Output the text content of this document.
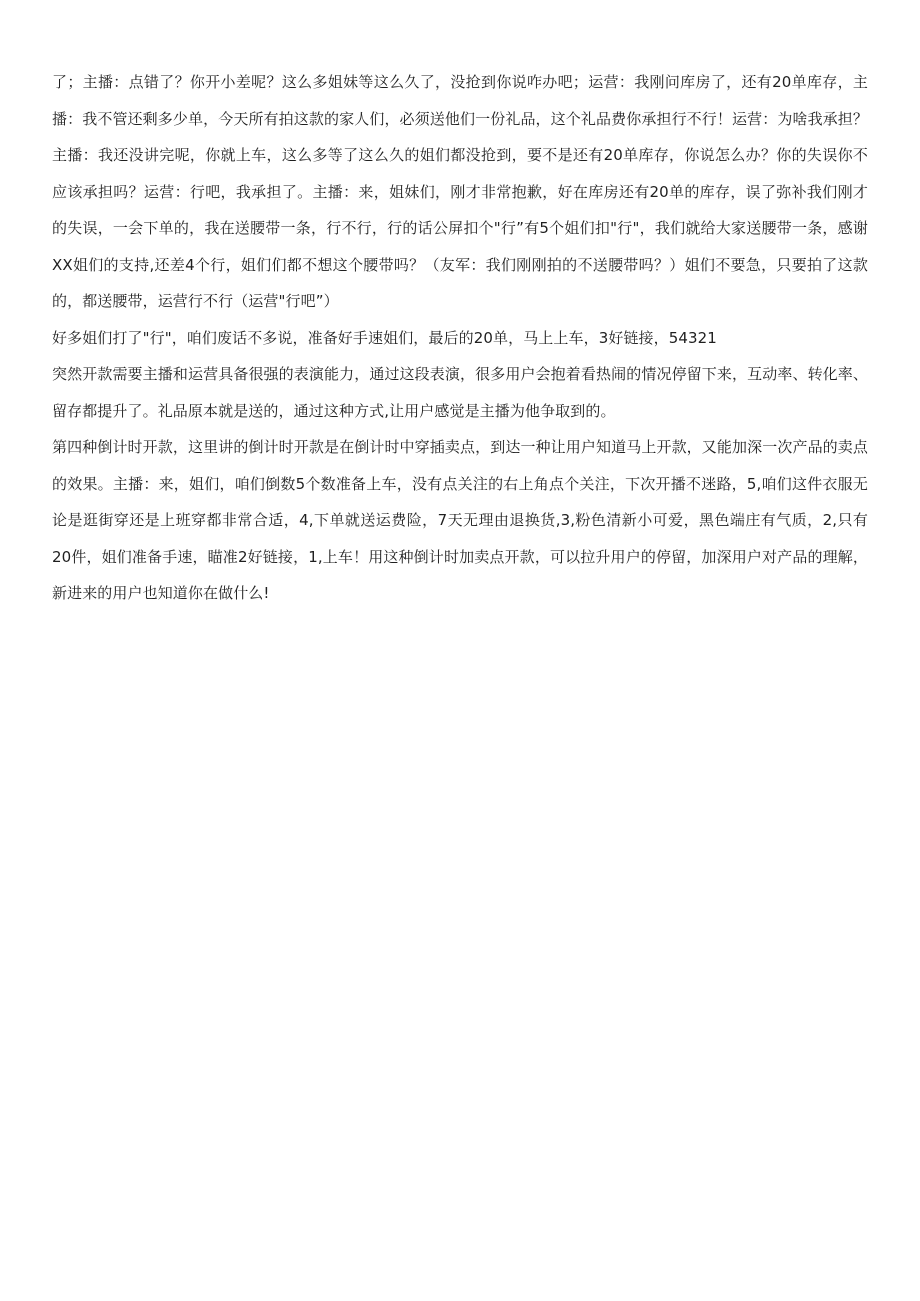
了；主播：点错了？你开小差呢？这么多姐妹等这么久了，没抢到你说咋办吧；运营：我刚问库房了，还有20单库存，主播：我不管还剩多少单，今天所有拍这款的家人们，必须送他们一份礼品，这个礼品费你承担行不行！运营：为啥我承担？主播：我还没讲完呢，你就上车，这么多等了这么久的姐们都没抢到，要不是还有20单库存，你说怎么办？你的失误你不应该承担吗？运营：行吧，我承担了。主播：来，姐妹们，刚才非常抱歉，好在库房还有20单的库存，误了弥补我们刚才的失误，一会下单的，我在送腰带一条，行不行，行的话公屏扣个"行”有5个姐们扣"行"，我们就给大家送腰带一条，感谢XX姐们的支持,还差4个行，姐们们都不想这个腰带吗？（友军：我们刚刚拍的不送腰带吗？）姐们不要急，只要拍了这款的，都送腰带，运营行不行（运营"行吧”）

好多姐们打了"行"，咱们废话不多说，准备好手速姐们，最后的20单，马上上车，3好链接，54321

突然开款需要主播和运营具备很强的表演能力，通过这段表演，很多用户会抱着看热闹的情况停留下来，互动率、转化率、留存都提升了。礼品原本就是送的，通过这种方式,让用户感觉是主播为他争取到的。

第四种倒计时开款，这里讲的倒计时开款是在倒计时中穿插卖点，到达一种让用户知道马上开款，又能加深一次产品的卖点的效果。主播：来，姐们，咱们倒数5个数准备上车，没有点关注的右上角点个关注，下次开播不迷路，5,咱们这件衣服无论是逛街穿还是上班穿都非常合适，4,下单就送运费险，7天无理由退换货,3,粉色清新小可爱，黑色端庄有气质，2,只有20件，姐们准备手速，瞄准2好链接，1,上车！用这种倒计时加卖点开款，可以拉升用户的停留，加深用户对产品的理解，新进来的用户也知道你在做什么!
